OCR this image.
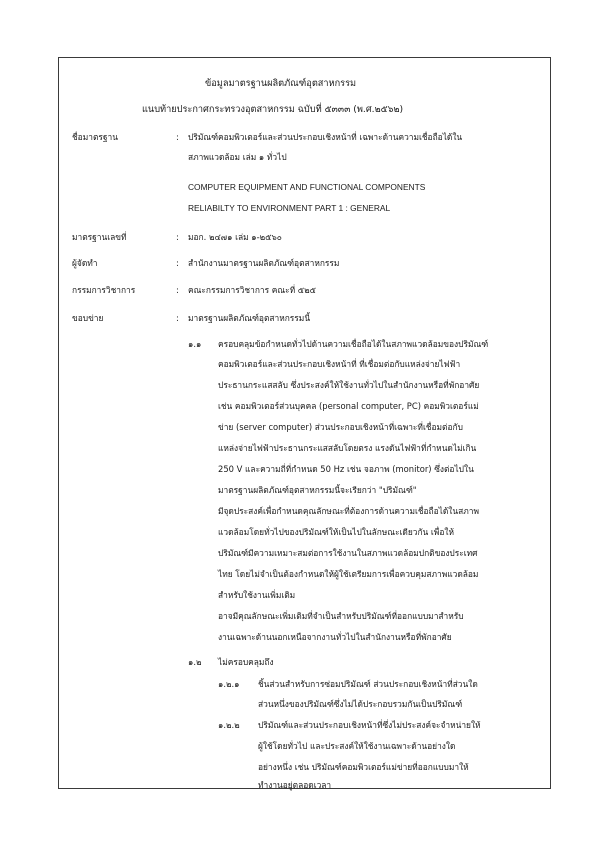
ข้อมูลมาตรฐานผลิตภัณฑ์อุตสาหกรรม
แนบท้ายประกาศกระทรวงอุตสาหกรรม ฉบับที่ ๕๓๓๓ (พ.ศ.๒๕๖๒)
ชื่อมาตรฐาน	: ปริมัณฑ์คอมพิวเตอร์และส่วนประกอบเชิงหน้าที่ เฉพาะด้านความเชื่อถือได้ใน
สภาพแวดล้อม เล่ม ๑ ทั่วไป
COMPUTER EQUIPMENT AND FUNCTIONAL COMPONENTS
RELIABILTY TO ENVIRONMENT PART 1 : GENERAL
มาตรฐานเลขที่	: มอก. ๒๔๗๑ เล่ม ๑-๒๕๖๐
ผู้จัดทำ	: สำนักงานมาตรฐานผลิตภัณฑ์อุตสาหกรรม
กรรมการวิชาการ	: คณะกรรมการวิชาการ คณะที่ ๕๒๕
ขอบข่าย	: มาตรฐานผลิตภัณฑ์อุตสาหกรรมนี้
๑.๑ ครอบคลุมข้อกำหนดทั่วไปด้านความเชื่อถือได้ในสภาพแวดล้อมของปริมัณฑ์
คอมพิวเตอร์และส่วนประกอบเชิงหน้าที่ ที่เชื่อมต่อกับแหล่งจ่ายไฟฟ้า
ประธานกระแสสลับ ซึ่งประสงค์ให้ใช้งานทั่วไปในสำนักงานหรือที่พักอาศัย
เช่น คอมพิวเตอร์ส่วนบุคคล (personal computer, PC) คอมพิวเตอร์แม่
ข่าย (server computer) ส่วนประกอบเชิงหน้าที่เฉพาะที่เชื่อมต่อกับ
แหล่งจ่ายไฟฟ้าประธานกระแสสลับโดยตรง แรงดันไฟฟ้าที่กำหนดไม่เกิน
250 V และความถี่ที่กำหนด 50 Hz เช่น จอภาพ (monitor) ซึ่งต่อไปใน
มาตรฐานผลิตภัณฑ์อุตสาหกรรมนี้จะเรียกว่า "ปริมัณฑ์"
มีจุดประสงค์เพื่อกำหนดคุณลักษณะที่ต้องการด้านความเชื่อถือได้ในสภาพ
แวดล้อมโดยทั่วไปของปริมัณฑ์ให้เป็นไปในลักษณะเดียวกัน เพื่อให้
ปริมัณฑ์มีความเหมาะสมต่อการใช้งานในสภาพแวดล้อมปกติของประเทศ
ไทย โดยไม่จำเป็นต้องกำหนดให้ผู้ใช้เตรียมการเพื่อควบคุมสภาพแวดล้อม
สำหรับใช้งานเพิ่มเติม
อาจมีคุณลักษณะเพิ่มเติมที่จำเป็นสำหรับปริมัณฑ์ที่ออกแบบมาสำหรับ
งานเฉพาะด้านนอกเหนือจากงานทั่วไปในสำนักงานหรือที่พักอาศัย
๑.๒ ไม่ครอบคลุมถึง
๑.๒.๑ ชิ้นส่วนสำหรับการซ่อมปริมัณฑ์ ส่วนประกอบเชิงหน้าที่ส่วนใด
ส่วนหนึ่งของปริมัณฑ์ซึ่งไม่ได้ประกอบรวมกันเป็นปริมัณฑ์
๑.๒.๒ ปริมัณฑ์และส่วนประกอบเชิงหน้าที่ซึ่งไม่ประสงค์จะจำหน่ายให้
ผู้ใช้โดยทั่วไป และประสงค์ให้ใช้งานเฉพาะด้านอย่างใด
อย่างหนึ่ง เช่น ปริมัณฑ์คอมพิวเตอร์แม่ข่ายที่ออกแบบมาให้
ทำงานอยู่ตลอดเวลา
